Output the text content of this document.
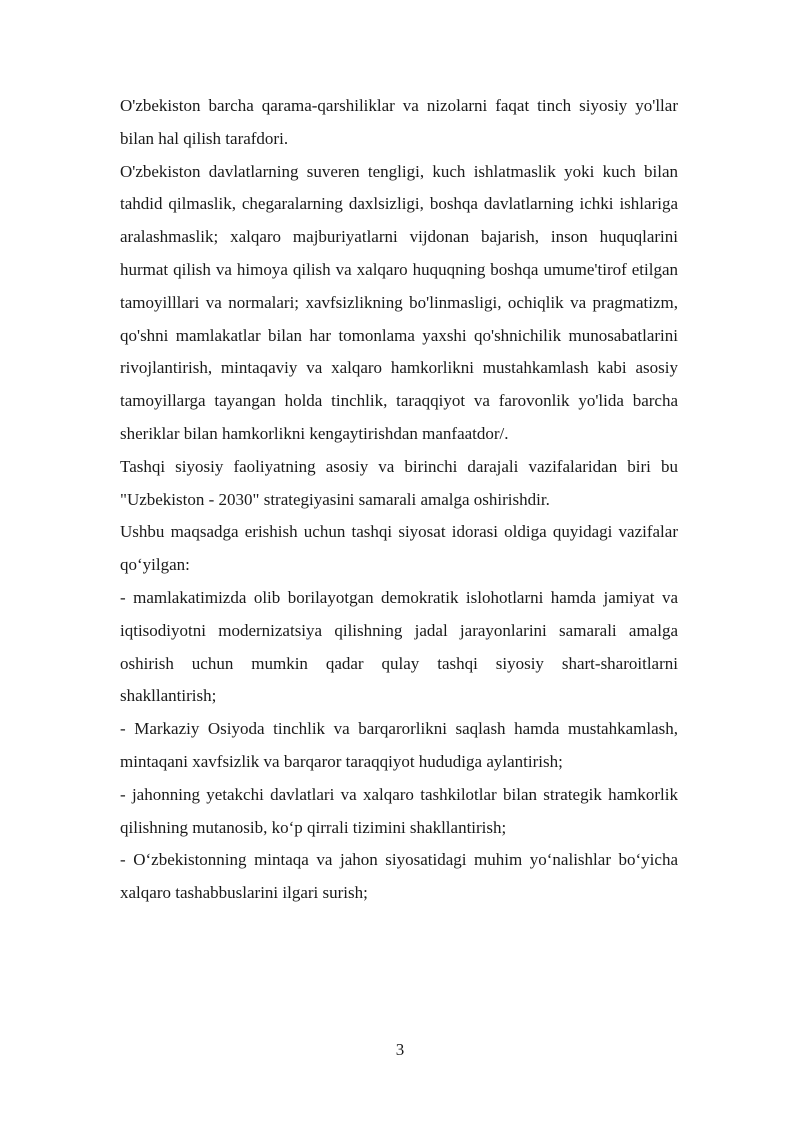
O'zbekiston barcha qarama-qarshiliklar va nizolarni faqat tinch siyosiy yo'llar bilan hal qilish tarafdori.

O'zbekiston davlatlarning suveren tengligi, kuch ishlatmaslik yoki kuch bilan tahdid qilmaslik, chegaralarning daxlsizligi, boshqa davlatlarning ichki ishlariga aralashmaslik; xalqaro majburiyatlarni vijdonan bajarish, inson huquqlarini hurmat qilish va himoya qilish va xalqaro huquqning boshqa umume'tirof etilgan tamoyilllari va normalari; xavfsizlikning bo'linmasligi, ochiqlik va pragmatizm, qo'shni mamlakatlar bilan har tomonlama yaxshi qo'shnichilik munosabatlarini rivojlantirish, mintaqaviy va xalqaro hamkorlikni mustahkamlash kabi asosiy tamoyillarga tayangan holda tinchlik, taraqqiyot va farovonlik yo'lida barcha sheriklar bilan hamkorlikni kengaytirishdan manfaatdor/.

Tashqi siyosiy faoliyatning asosiy va birinchi darajali vazifalaridan biri bu "Uzbekiston - 2030" strategiyasini samarali amalga oshirishdir.

Ushbu maqsadga erishish uchun tashqi siyosat idorasi oldiga quyidagi vazifalar qo‘yilgan:

- mamlakatimizda olib borilayotgan demokratik islohotlarni hamda jamiyat va iqtisodiyotni modernizatsiya qilishning jadal jarayonlarini samarali amalga oshirish uchun mumkin qadar qulay tashqi siyosiy shart-sharoitlarni shakllantirish;

- Markaziy Osiyoda tinchlik va barqarorlikni saqlash hamda mustahkamlash, mintaqani xavfsizlik va barqaror taraqqiyot hududiga aylantirish;

- jahonning yetakchi davlatlari va xalqaro tashkilotlar bilan strategik hamkorlik qilishning mutanosib, ko‘p qirrali tizimini shakllantirish;

- O‘zbekistonning mintaqa va jahon siyosatidagi muhim yo‘nalishlar bo‘yicha xalqaro tashabbuslarini ilgari surish;

3
